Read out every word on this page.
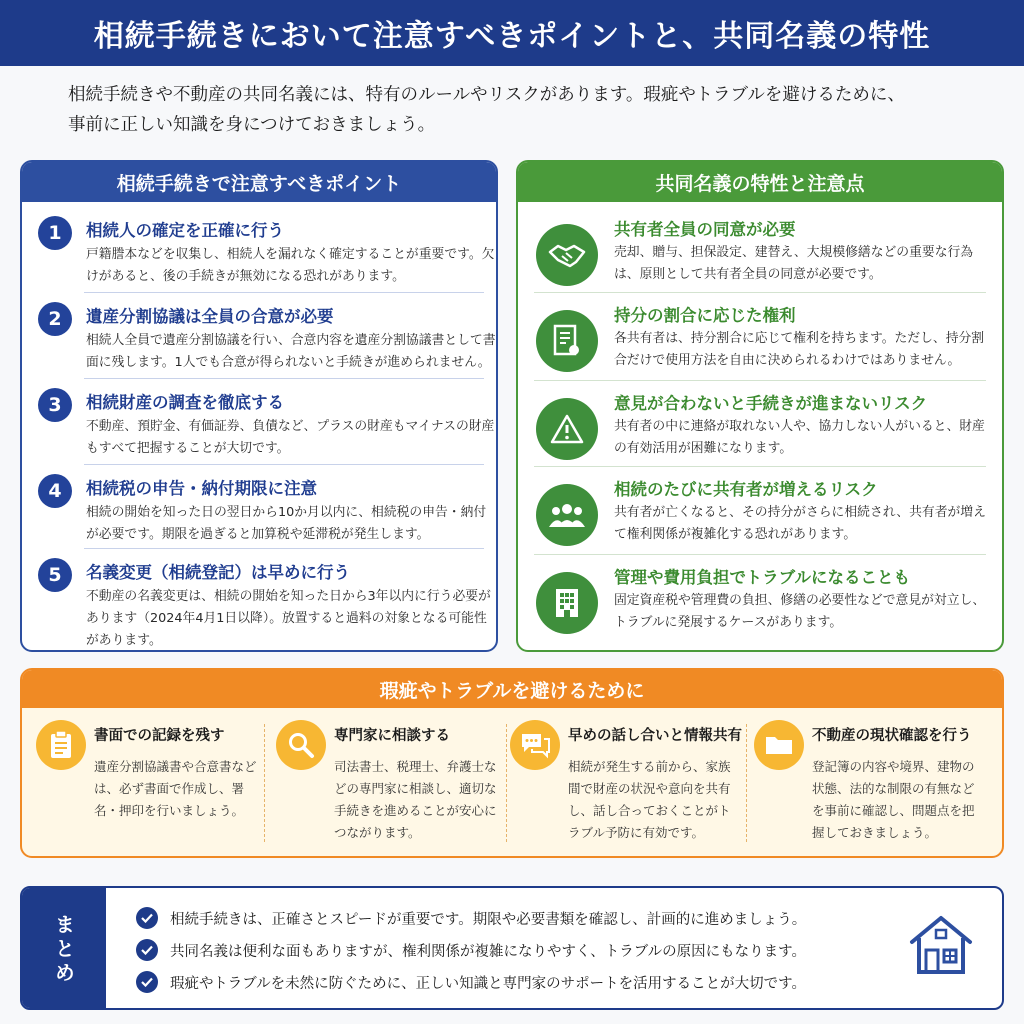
相続手続きにおいて注意すべきポイントと、共同名義の特性
相続手続きや不動産の共同名義には、特有のルールやリスクがあります。瑕疵やトラブルを避けるために、
事前に正しい知識を身につけておきましょう。
相続手続きで注意すべきポイント
1	相続人の確定を正確に行う
戸籍謄本などを収集し、相続人を漏れなく確定することが重要です。欠けがあると、後の手続きが無効になる恐れがあります。
2	遺産分割協議は全員の合意が必要
相続人全員で遺産分割協議を行い、合意内容を遺産分割協議書として書面に残します。1人でも合意が得られないと手続きが進められません。
3	相続財産の調査を徹底する
不動産、預貯金、有価証券、負債など、プラスの財産もマイナスの財産もすべて把握することが大切です。
4	相続税の申告・納付期限に注意
相続の開始を知った日の翌日から10か月以内に、相続税の申告・納付が必要です。期限を過ぎると加算税や延滞税が発生します。
5	名義変更（相続登記）は早めに行う
不動産の名義変更は、相続の開始を知った日から3年以内に行う必要があります（2024年4月1日以降）。放置すると過料の対象となる可能性があります。
共同名義の特性と注意点
共有者全員の同意が必要
売却、贈与、担保設定、建替え、大規模修繕などの重要な行為は、原則として共有者全員の同意が必要です。
持分の割合に応じた権利
各共有者は、持分割合に応じて権利を持ちます。ただし、持分割合だけで使用方法を自由に決められるわけではありません。
意見が合わないと手続きが進まないリスク
共有者の中に連絡が取れない人や、協力しない人がいると、財産の有効活用が困難になります。
相続のたびに共有者が増えるリスク
共有者が亡くなると、その持分がさらに相続され、共有者が増えて権利関係が複雑化する恐れがあります。
管理や費用負担でトラブルになることも
固定資産税や管理費の負担、修繕の必要性などで意見が対立し、トラブルに発展するケースがあります。
瑕疵やトラブルを避けるために
書面での記録を残す
遺産分割協議書や合意書などは、必ず書面で作成し、署名・押印を行いましょう。
専門家に相談する
司法書士、税理士、弁護士などの専門家に相談し、適切な手続きを進めることが安心につながります。
早めの話し合いと情報共有
相続が発生する前から、家族間で財産の状況や意向を共有し、話し合っておくことがトラブル予防に有効です。
不動産の現状確認を行う
登記簿の内容や境界、建物の状態、法的な制限の有無などを事前に確認し、問題点を把握しておきましょう。
まとめ	相続手続きは、正確さとスピードが重要です。期限や必要書類を確認し、計画的に進めましょう。
共同名義は便利な面もありますが、権利関係が複雑になりやすく、トラブルの原因にもなります。
瑕疵やトラブルを未然に防ぐために、正しい知識と専門家のサポートを活用することが大切です。
